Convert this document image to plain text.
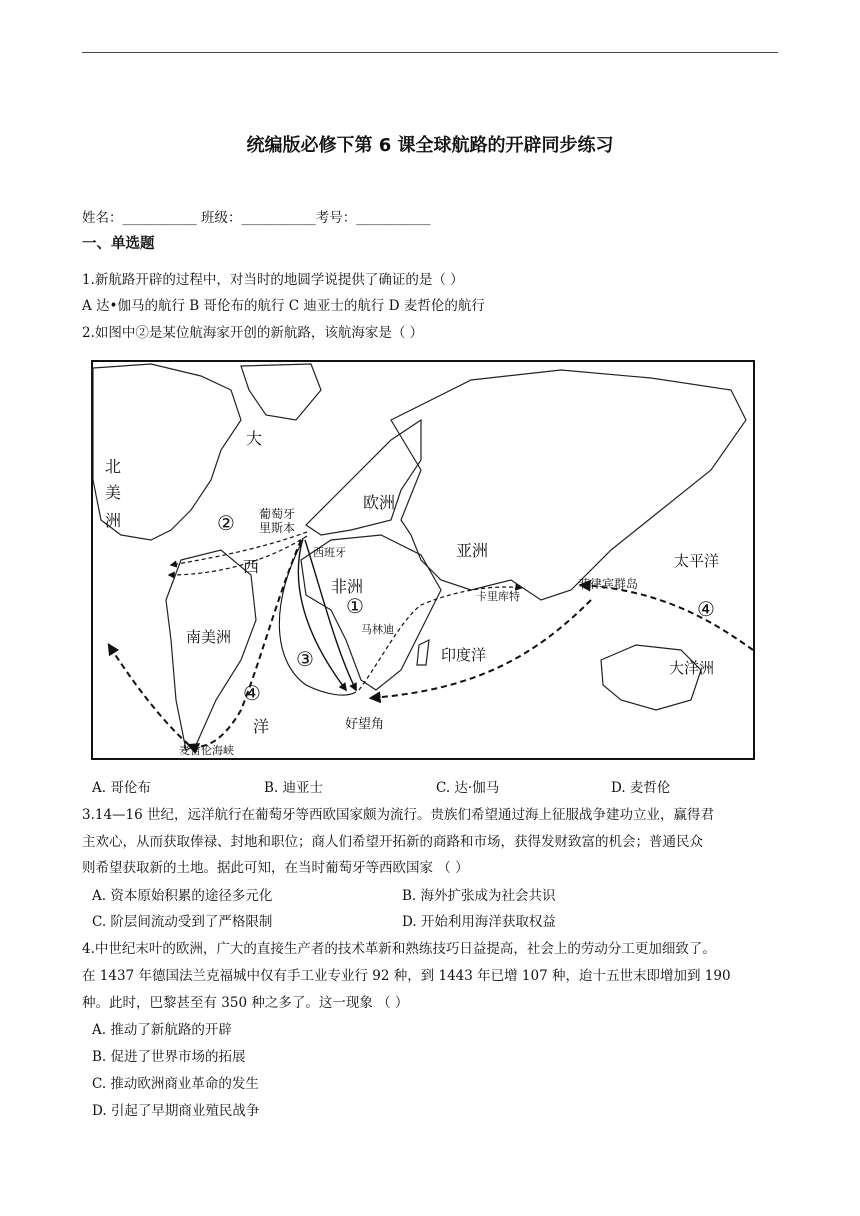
统编版必修下第 6 课全球航路的开辟同步练习
姓名：___________ 班级：___________考号：___________
一、单选题
1.新航路开辟的过程中，对当时的地圆学说提供了确证的是（ ）
A 达•伽马的航行 B 哥伦布的航行 C 迪亚士的航行 D 麦哲伦的航行
2.如图中②是某位航海家开创的新航路，该航海家是（ ）
北
美
洲
大
西
洋
欧洲
亚洲
非洲
南美洲
印度洋
太平洋
大洋洲
葡萄牙
里斯本
西班牙
菲律宾群岛
卡里库特
马林迪
好望角
麦哲伦海峡
①
②
③
④
④
A. 哥伦布	B. 迪亚士	C. 达·伽马	D. 麦哲伦
3.14—16 世纪，远洋航行在葡萄牙等西欧国家颇为流行。贵族们希望通过海上征服战争建功立业，赢得君
主欢心，从而获取俸禄、封地和职位；商人们希望开拓新的商路和市场，获得发财致富的机会；普通民众
则希望获取新的土地。据此可知，在当时葡萄牙等西欧国家 （ ）
A. 资本原始积累的途径多元化	B. 海外扩张成为社会共识
C. 阶层间流动受到了严格限制	D. 开始利用海洋获取权益
4.中世纪末叶的欧洲，广大的直接生产者的技术革新和熟练技巧日益提高，社会上的劳动分工更加细致了。
在 1437 年德国法兰克福城中仅有手工业专业行 92 种，到 1443 年已增 107 种，迨十五世末即增加到 190
种。此时，巴黎甚至有 350 种之多了。这一现象 （ ）
A. 推动了新航路的开辟
B. 促进了世界市场的拓展
C. 推动欧洲商业革命的发生
D. 引起了早期商业殖民战争
